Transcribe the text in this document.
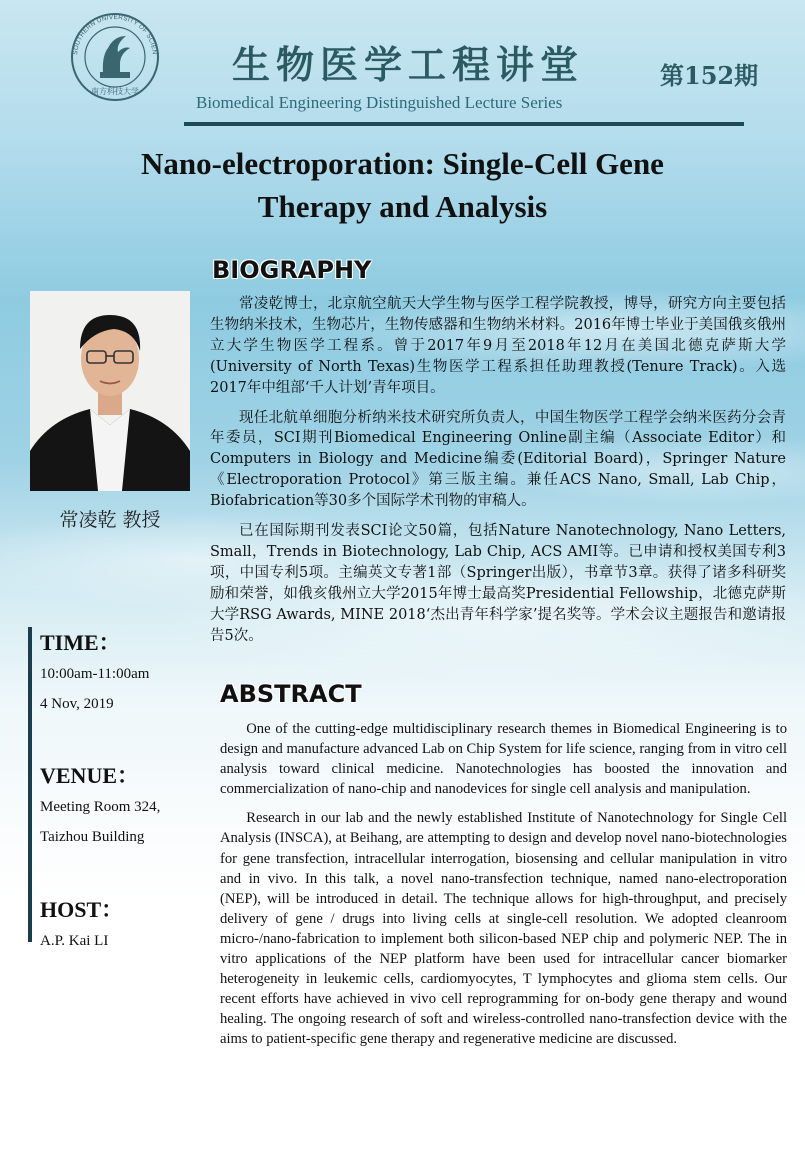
SOUTHERN UNIVERSITY OF SCIEN
南方科技大学
生物医学工程讲堂	第152期
Biomedical Engineering Distinguished Lecture Series
Nano-electroporation: Single-Cell Gene
Therapy and Analysis
常凌乾 教授
BIOGRAPHY

常凌乾博士，北京航空航天大学生物与医学工程学院教授，博导，研究方向主要包括生物纳米技术，生物芯片，生物传感器和生物纳米材料。2016年博士毕业于美国俄亥俄州立大学生物医学工程系。曾于2017年9月至2018年12月在美国北德克萨斯大学(University of North Texas)生物医学工程系担任助理教授(Tenure Track)。入选2017年中组部‘千人计划’青年项目。

现任北航单细胞分析纳米技术研究所负责人，中国生物医学工程学会纳米医药分会青年委员，SCI期刊Biomedical Engineering Online副主编（Associate Editor）和Computers in Biology and Medicine编委(Editorial Board)，Springer Nature《Electroporation Protocol》第三版主编。兼任ACS Nano, Small, Lab Chip，Biofabrication等30多个国际学术刊物的审稿人。

已在国际期刊发表SCI论文50篇，包括Nature Nanotechnology, Nano Letters, Small，Trends in Biotechnology, Lab Chip, ACS AMI等。已申请和授权美国专利3项，中国专利5项。主编英文专著1部（Springer出版），书章节3章。获得了诸多科研奖励和荣誉，如俄亥俄州立大学2015年博士最高奖Presidential Fellowship，北德克萨斯大学RSG Awards, MINE 2018‘杰出青年科学家’提名奖等。学术会议主题报告和邀请报告5次。

TIME：
10:00am-11:00am
4 Nov, 2019
VENUE：
Meeting Room 324,
Taizhou Building
HOST：
A.P. Kai LI
ABSTRACT

One of the cutting-edge multidisciplinary research themes in Biomedical Engineering is to design and manufacture advanced Lab on Chip System for life science, ranging from in vitro cell analysis toward clinical medicine. Nanotechnologies has boosted the innovation and commercialization of nano-chip and nanodevices for single cell analysis and manipulation.

Research in our lab and the newly established Institute of Nanotechnology for Single Cell Analysis (INSCA), at Beihang, are attempting to design and develop novel nano-biotechnologies for gene transfection, intracellular interrogation, biosensing and cellular manipulation in vitro and in vivo. In this talk, a novel nano-transfection technique, named nano-electroporation (NEP), will be introduced in detail. The technique allows for high-throughput, and precisely delivery of gene / drugs into living cells at single-cell resolution. We adopted cleanroom micro-/nano-fabrication to implement both silicon-based NEP chip and polymeric NEP. The in vitro applications of the NEP platform have been used for intracellular cancer biomarker heterogeneity in leukemic cells, cardiomyocytes, T lymphocytes and glioma stem cells. Our recent efforts have achieved in vivo cell reprogramming for on-body gene therapy and wound healing. The ongoing research of soft and wireless-controlled nano-transfection device with the aims to patient-specific gene therapy and regenerative medicine are discussed.
